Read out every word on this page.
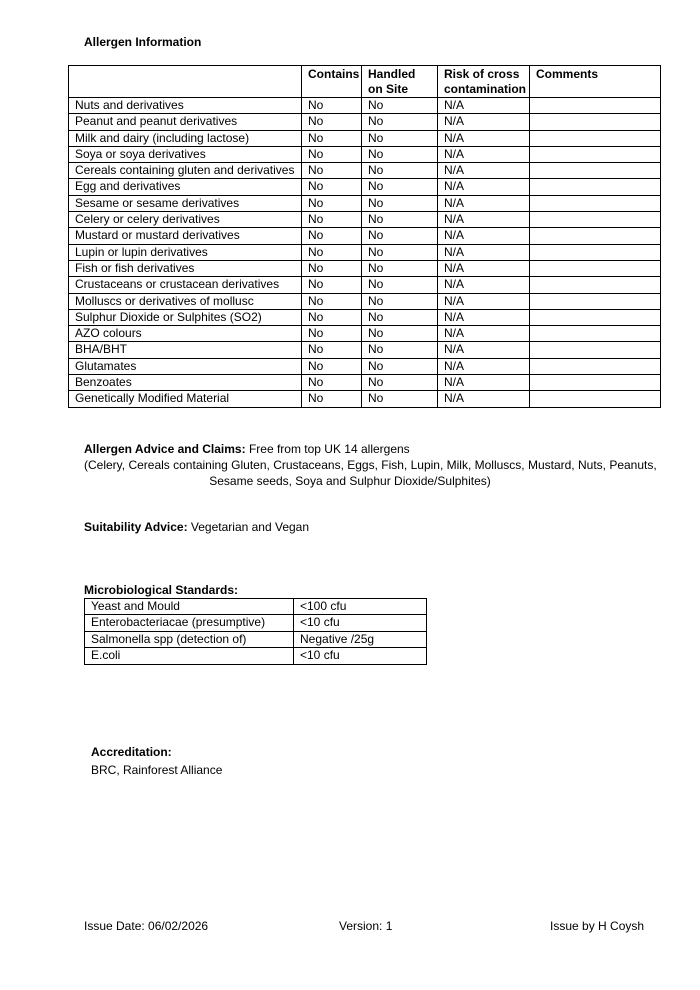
Allergen Information
	Contains	Handled on Site	Risk of cross contamination	Comments
Nuts and derivatives	No	No	N/A	
Peanut and peanut derivatives	No	No	N/A	
Milk and dairy (including lactose)	No	No	N/A	
Soya or soya derivatives	No	No	N/A	
Cereals containing gluten and derivatives	No	No	N/A	
Egg and derivatives	No	No	N/A	
Sesame or sesame derivatives	No	No	N/A	
Celery or celery derivatives	No	No	N/A	
Mustard or mustard derivatives	No	No	N/A	
Lupin or lupin derivatives	No	No	N/A	
Fish or fish derivatives	No	No	N/A	
Crustaceans or crustacean derivatives	No	No	N/A	
Molluscs or derivatives of mollusc	No	No	N/A	
Sulphur Dioxide or Sulphites (SO2)	No	No	N/A	
AZO colours	No	No	N/A	
BHA/BHT	No	No	N/A	
Glutamates	No	No	N/A	
Benzoates	No	No	N/A	
Genetically Modified Material	No	No	N/A	
Allergen Advice and Claims: Free from top UK 14 allergens
(Celery, Cereals containing Gluten, Crustaceans, Eggs, Fish, Lupin, Milk, Molluscs, Mustard, Nuts, Peanuts,
Sesame seeds, Soya and Sulphur Dioxide/Sulphites)
Suitability Advice: Vegetarian and Vegan
Microbiological Standards:
Yeast and Mould	<100 cfu
Enterobacteriacae (presumptive)	<10 cfu
Salmonella spp (detection of)	Negative /25g
E.coli	<10 cfu
Accreditation:
BRC, Rainforest Alliance
Issue Date: 06/02/2026	Version: 1	Issue by H Coysh
